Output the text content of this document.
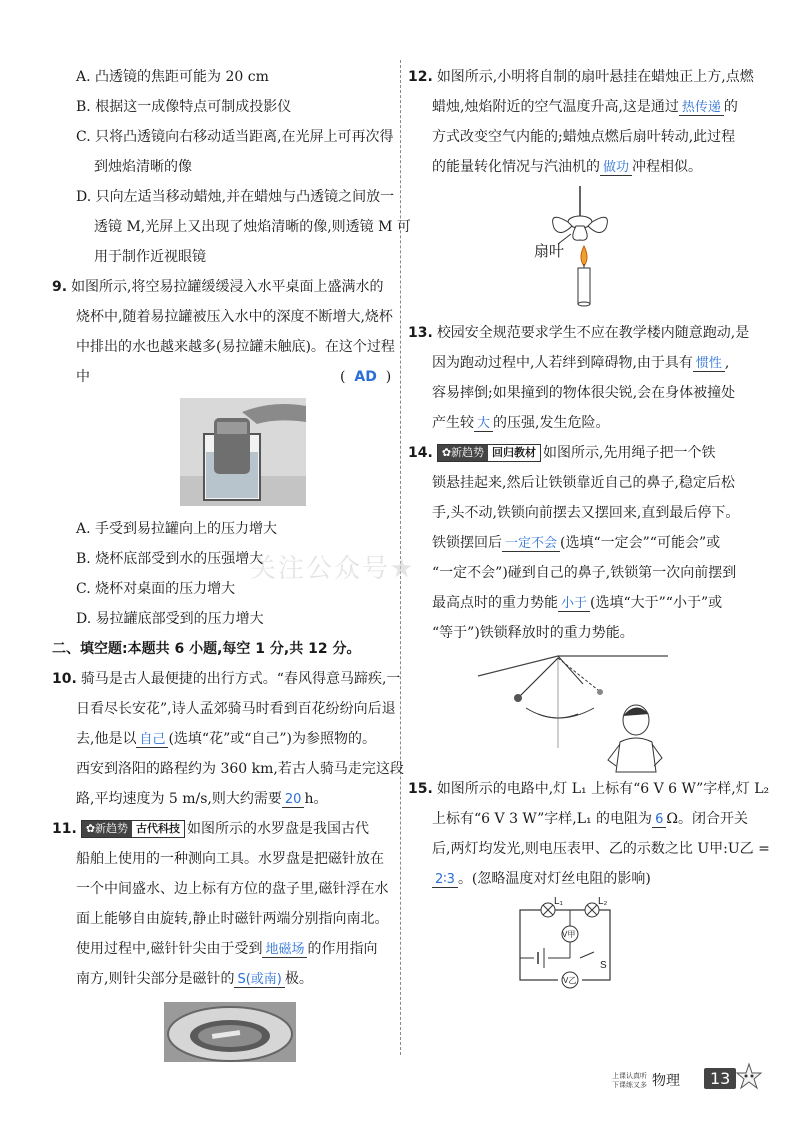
关注公众号★
A. 凸透镜的焦距可能为 20 cm
B. 根据这一成像特点可制成投影仪
C. 只将凸透镜向右移动适当距离,在光屏上可再次得
到烛焰清晰的像
D. 只向左适当移动蜡烛,并在蜡烛与凸透镜之间放一
透镜 M,光屏上又出现了烛焰清晰的像,则透镜 M 可
用于制作近视眼镜
9. 如图所示,将空易拉罐缓缓浸入水平桌面上盛满水的
烧杯中,随着易拉罐被压入水中的深度不断增大,烧杯
中排出的水也越来越多(易拉罐未触底)。在这个过程
中	( AD )
A. 手受到易拉罐向上的压力增大
B. 烧杯底部受到水的压强增大
C. 烧杯对桌面的压力增大
D. 易拉罐底部受到的压力增大
二、填空题:本题共 6 小题,每空 1 分,共 12 分。
10. 骑马是古人最便捷的出行方式。“春风得意马蹄疾,一
日看尽长安花”,诗人孟郊骑马时看到百花纷纷向后退
去,他是以 自己 (选填“花”或“自己”)为参照物的。
西安到洛阳的路程约为 360 km,若古人骑马走完这段
路,平均速度为 5 m/s,则大约需要 20 h。
11. ✿新趋势 古代科技 如图所示的水罗盘是我国古代
船舶上使用的一种测向工具。水罗盘是把磁针放在
一个中间盛水、边上标有方位的盘子里,磁针浮在水
面上能够自由旋转,静止时磁针两端分别指向南北。
使用过程中,磁针针尖由于受到 地磁场 的作用指向
南方,则针尖部分是磁针的 S(或南) 极。
12. 如图所示,小明将自制的扇叶悬挂在蜡烛正上方,点燃
蜡烛,烛焰附近的空气温度升高,这是通过 热传递 的
方式改变空气内能的;蜡烛点燃后扇叶转动,此过程
的能量转化情况与汽油机的 做功 冲程相似。
扇叶
13. 校园安全规范要求学生不应在教学楼内随意跑动,是
因为跑动过程中,人若绊到障碍物,由于具有 惯性 ,
容易摔倒;如果撞到的物体很尖锐,会在身体被撞处
产生较 大 的压强,发生危险。
14. ✿新趋势 回归教材 如图所示,先用绳子把一个铁
锁悬挂起来,然后让铁锁靠近自己的鼻子,稳定后松
手,头不动,铁锁向前摆去又摆回来,直到最后停下。
铁锁摆回后 一定不会 (选填“一定会”“可能会”或
“一定不会”)碰到自己的鼻子,铁锁第一次向前摆到
最高点时的重力势能 小于 (选填“大于”“小于”或
“等于”)铁锁释放时的重力势能。
15. 如图所示的电路中,灯 L₁ 上标有“6 V 6 W”字样,灯 L₂
上标有“6 V 3 W”字样,L₁ 的电阻为 6 Ω。闭合开关
后,两灯均发光,则电压表甲、乙的示数之比 U甲:U乙 =
2∶3 。(忽略温度对灯丝电阻的影响)
L₁	L₂
V甲
V乙
S
上课认真听
下课练又多 物理	13
